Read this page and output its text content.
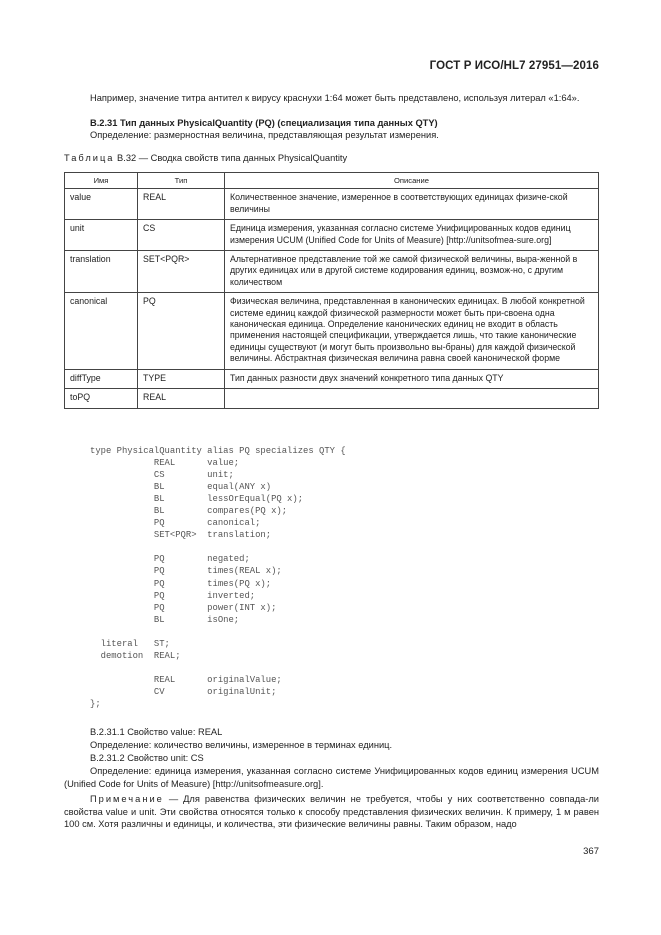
ГОСТ Р ИСО/HL7 27951—2016
Например, значение титра антител к вирусу краснухи 1:64 может быть представлено, используя литерал «1:64».
B.2.31 Тип данных PhysicalQuantity (PQ) (специализация типа данных QTY)
Определение: размерностная величина, представляющая результат измерения.
Таблица В.32 — Сводка свойств типа данных PhysicalQuantity
Имя	Тип	Описание
value	REAL	Количественное значение, измеренное в соответствующих единицах физиче-ской величины
unit	CS	Единица измерения, указанная согласно системе Унифицированных кодов единиц измерения UCUM (Unified Code for Units of Measure) [http://unitsofmea-sure.org]
translation	SET<PQR>	Альтернативное представление той же самой физической величины, выра-женной в других единицах или в другой системе кодирования единиц, возмож-но, с другим количеством
canonical	PQ	Физическая величина, представленная в канонических единицах. В любой конкретной системе единиц каждой физической размерности может быть при-своена одна каноническая единица. Определение канонических единиц не входит в область применения настоящей спецификации, утверждается лишь, что такие канонические единицы существуют (и могут быть произвольно вы-браны) для каждой физической величины. Абстрактная физическая величина равна своей канонической форме
diffType	TYPE	Тип данных разности двух значений конкретного типа данных QTY
toPQ	REAL	
type PhysicalQuantity alias PQ specializes QTY {
REAL      value;
CS        unit;
BL        equal(ANY x)
BL        lessOrEqual(PQ x);
BL        compares(PQ x);
PQ        canonical;
SET<PQR>  translation;

PQ        negated;
PQ        times(REAL x);
PQ        times(PQ x);
PQ        inverted;
PQ        power(INT x);
BL        isOne;

literal   ST;
demotion  REAL;

REAL      originalValue;
CV        originalUnit;
};
B.2.31.1 Свойство value: REAL
Определение: количество величины, измеренное в терминах единиц.
B.2.31.2 Свойство unit: CS
Определение: единица измерения, указанная согласно системе Унифицированных кодов единиц измерения UCUM (Unified Code for Units of Measure) [http://unitsofmeasure.org].
Примечание — Для равенства физических величин не требуется, чтобы у них соответственно совпада-ли свойства value и unit. Эти свойства относятся только к способу представления физических величин. К примеру, 1 м равен 100 см. Хотя различны и единицы, и количества, эти физические величины равны. Таким образом, надо
367
